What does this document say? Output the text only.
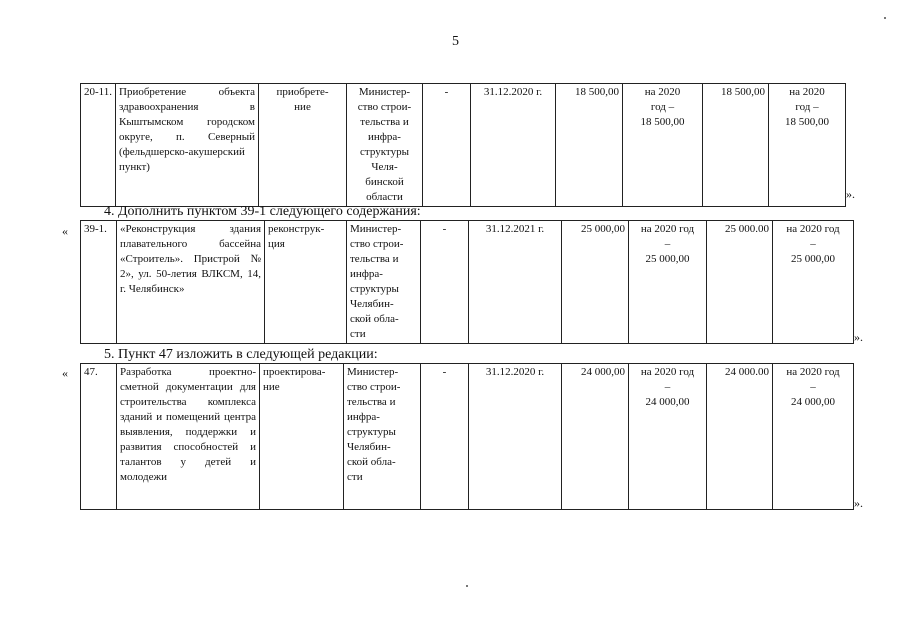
5
20-11.	Приобретение объекта здравоохранения в Кыштымском городском округе, п. Северный (фельдшерско-акушерский пункт)	приобрете-
ние	Министер-
ство строи-
тельства и
инфра-
структуры
Челя-
бинской
области	-	31.12.2020 г.	18 500,00	на 2020
год –
18 500,00	18 500,00	на 2020
год –
18 500,00
».
4. Дополнить пунктом 39-1 следующего содержания:
« 39-1.	«Реконструкция здания плавательного бассейна «Строитель». Пристрой № 2», ул. 50-летия ВЛКСМ, 14, г. Челябинск»	реконструк-
ция	Министер-
ство строи-
тельства и
инфра-
структуры
Челябин-
ской обла-
сти	-	31.12.2021 г.	25 000,00	на 2020 год
–
25 000,00	25 000.00	на 2020 год
–
25 000,00
».
5. Пункт 47 изложить в следующей редакции:
« 47.	Разработка проектно-сметной документации для строительства комплекса зданий и помещений центра выявления, поддержки и развития способностей и талантов у детей и молодежи	проектирова-
ние	Министер-
ство строи-
тельства и
инфра-
структуры
Челябин-
ской обла-
сти	-	31.12.2020 г.	24 000,00	на 2020 год
–
24 000,00	24 000.00	на 2020 год
–
24 000,00
».
